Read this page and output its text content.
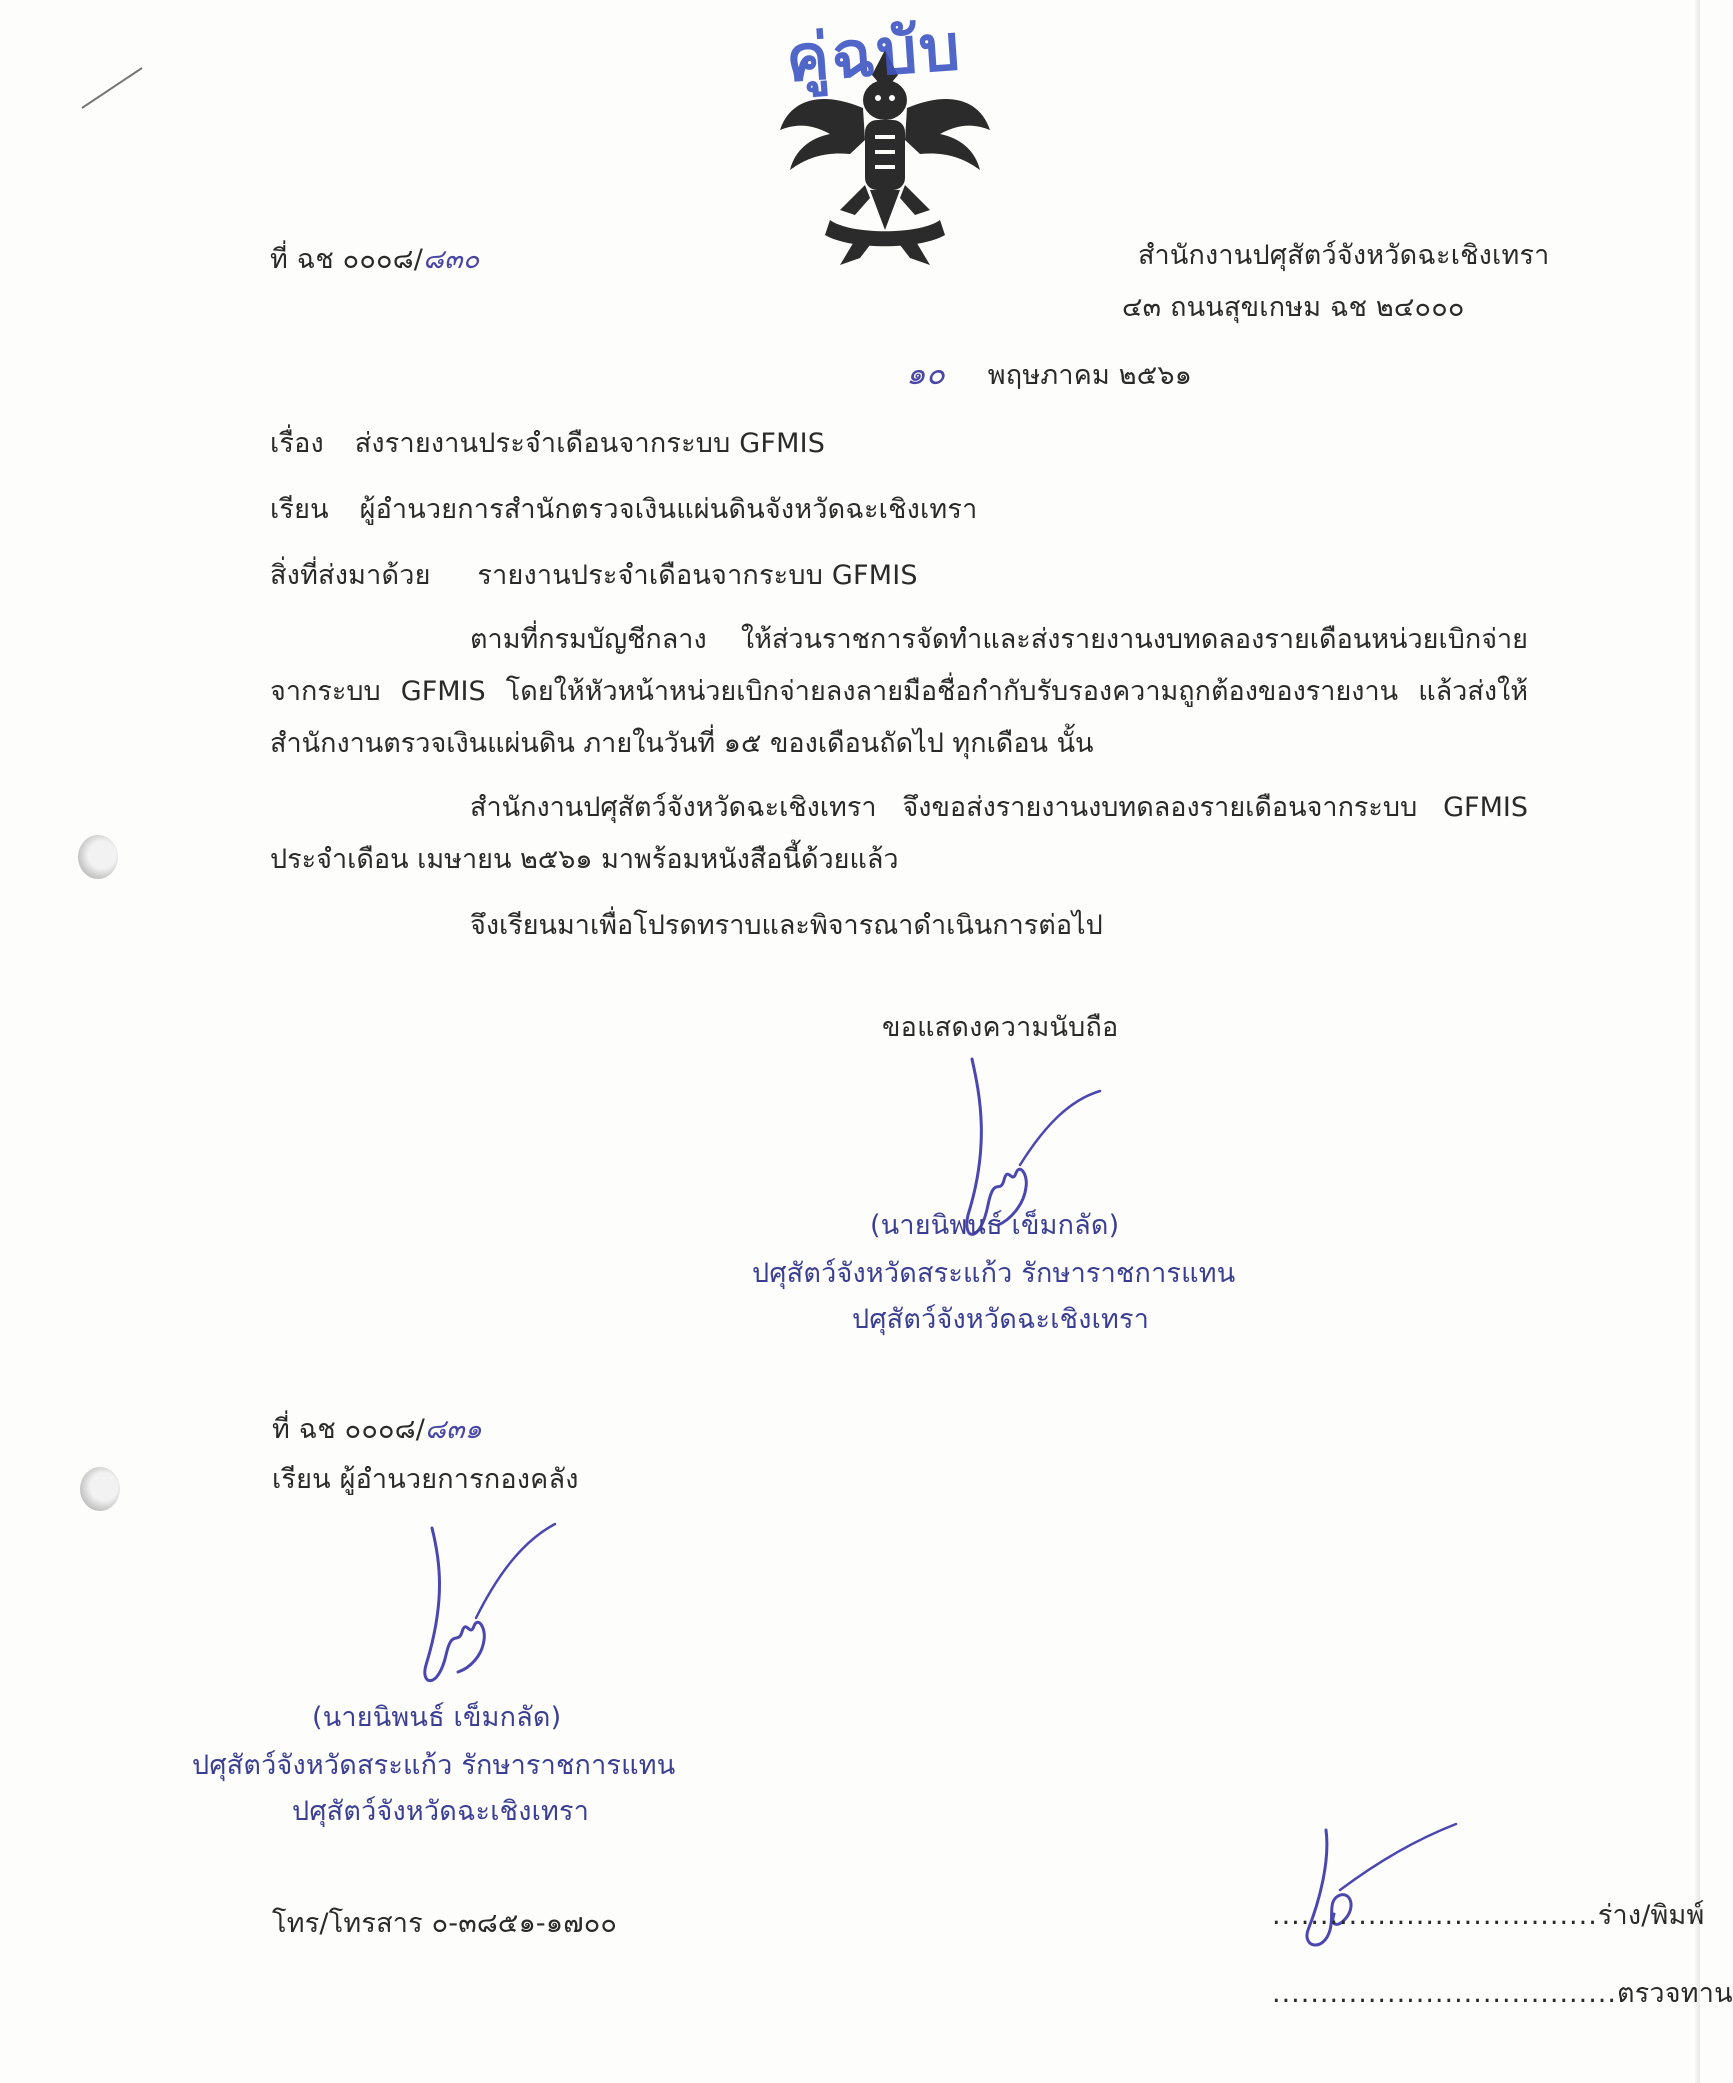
คู่ฉบับ
ที่ ฉช ๐๐๐๘/๘๓๐	สำนักงานปศุสัตว์จังหวัดฉะเชิงเทรา
๔๓ ถนนสุขเกษม ฉช ๒๔๐๐๐
๑๐ พฤษภาคม ๒๕๖๑
เรื่อง ส่งรายงานประจำเดือนจากระบบ GFMIS
เรียน ผู้อำนวยการสำนักตรวจเงินแผ่นดินจังหวัดฉะเชิงเทรา
สิ่งที่ส่งมาด้วย รายงานประจำเดือนจากระบบ GFMIS
ตามที่กรมบัญชีกลาง ให้ส่วนราชการจัดทำและส่งรายงานงบทดลองรายเดือนหน่วยเบิกจ่ายจากระบบ GFMIS โดยให้หัวหน้าหน่วยเบิกจ่ายลงลายมือชื่อกำกับรับรองความถูกต้องของรายงาน แล้วส่งให้สำนักงานตรวจเงินแผ่นดิน ภายในวันที่ ๑๕ ของเดือนถัดไป ทุกเดือน นั้น
สำนักงานปศุสัตว์จังหวัดฉะเชิงเทรา จึงขอส่งรายงานงบทดลองรายเดือนจากระบบ GFMIS ประจำเดือน เมษายน ๒๕๖๑ มาพร้อมหนังสือนี้ด้วยแล้ว
จึงเรียนมาเพื่อโปรดทราบและพิจารณาดำเนินการต่อไป
ขอแสดงความนับถือ
(นายนิพนธ์ เข็มกลัด)
ปศุสัตว์จังหวัดสระแก้ว รักษาราชการแทน
ปศุสัตว์จังหวัดฉะเชิงเทรา
ที่ ฉช ๐๐๐๘/๘๓๑
เรียน ผู้อำนวยการกองคลัง
(นายนิพนธ์ เข็มกลัด)
ปศุสัตว์จังหวัดสระแก้ว รักษาราชการแทน
ปศุสัตว์จังหวัดฉะเชิงเทรา
โทร/โทรสาร ๐-๓๘๕๑-๑๗๐๐	..................................ร่าง/พิมพ์
....................................ตรวจทาน
